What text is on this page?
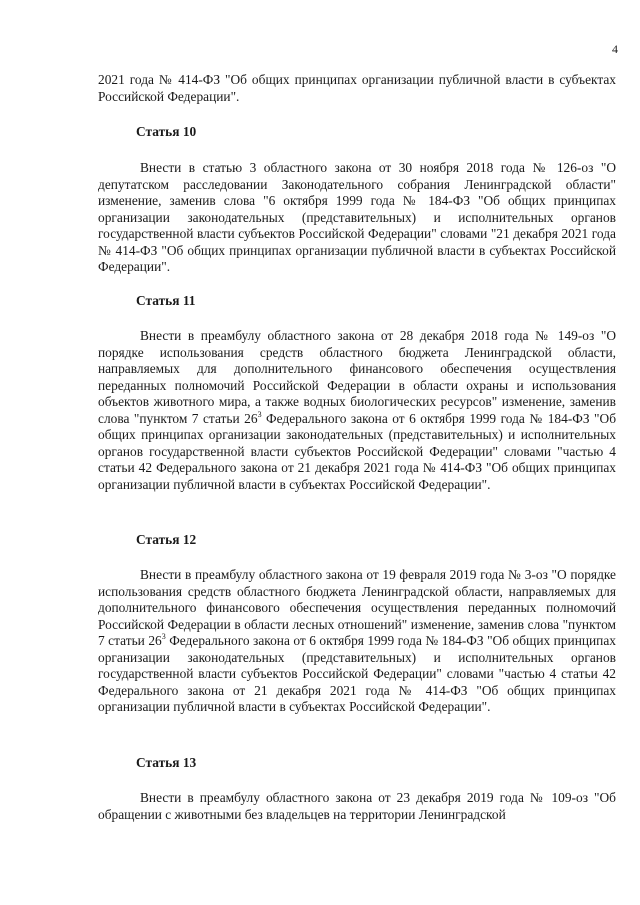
4
2021 года № 414-ФЗ "Об общих принципах организации публичной власти в субъектах Российской Федерации".
Статья 10
Внести в статью 3 областного закона от 30 ноября 2018 года № 126-оз "О депутатском расследовании Законодательного собрания Ленинградской области" изменение, заменив слова "6 октября 1999 года № 184-ФЗ "Об общих принципах организации законодательных (представительных) и исполнительных органов государственной власти субъектов Российской Федерации" словами "21 декабря 2021 года № 414-ФЗ "Об общих принципах организации публичной власти в субъектах Российской Федерации".
Статья 11
Внести в преамбулу областного закона от 28 декабря 2018 года № 149-оз "О порядке использования средств областного бюджета Ленинградской области, направляемых для дополнительного финансового обеспечения осуществления переданных полномочий Российской Федерации в области охраны и использования объектов животного мира, а также водных биологических ресурсов" изменение, заменив слова "пунктом 7 статьи $26^3$ Федерального закона от 6 октября 1999 года № 184-ФЗ "Об общих принципах организации законодательных (представительных) и исполнительных органов государственной власти субъектов Российской Федерации" словами "частью 4 статьи 42 Федерального закона от 21 декабря 2021 года № 414-ФЗ "Об общих принципах организации публичной власти в субъектах Российской Федерации".
Статья 12
Внести в преамбулу областного закона от 19 февраля 2019 года № 3-оз "О порядке использования средств областного бюджета Ленинградской области, направляемых для дополнительного финансового обеспечения осуществления переданных полномочий Российской Федерации в области лесных отношений" изменение, заменив слова "пунктом 7 статьи $26^3$ Федерального закона от 6 октября 1999 года № 184-ФЗ "Об общих принципах организации законодательных (представительных) и исполнительных органов государственной власти субъектов Российской Федерации" словами "частью 4 статьи 42 Федерального закона от 21 декабря 2021 года № 414-ФЗ "Об общих принципах организации публичной власти в субъектах Российской Федерации".
Статья 13
Внести в преамбулу областного закона от 23 декабря 2019 года № 109-оз "Об обращении с животными без владельцев на территории Ленинградской
